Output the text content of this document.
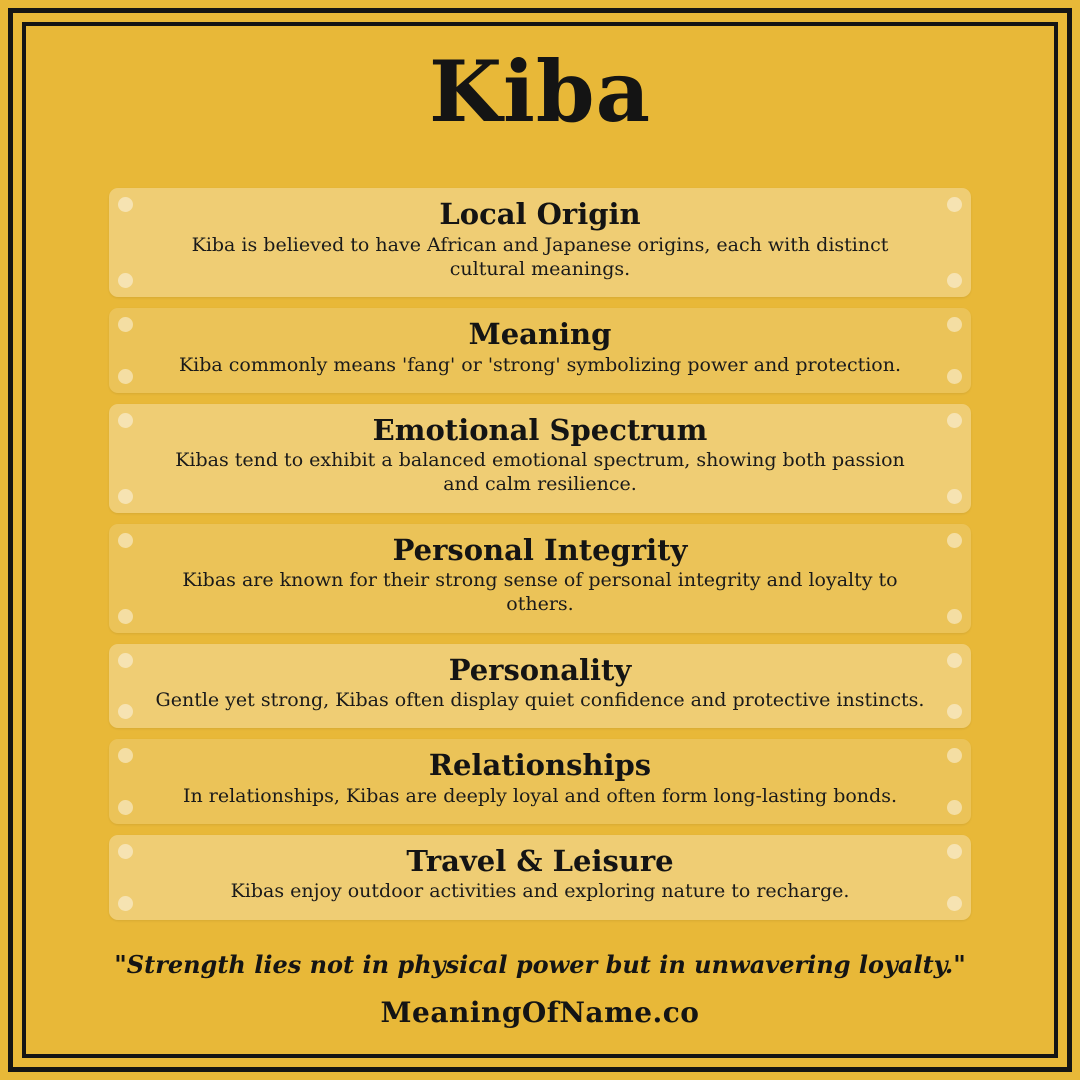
Kiba
Local Origin
Kiba is believed to have African and Japanese origins, each with distinct cultural meanings.
Meaning
Kiba commonly means 'fang' or 'strong' symbolizing power and protection.
Emotional Spectrum
Kibas tend to exhibit a balanced emotional spectrum, showing both passion and calm resilience.
Personal Integrity
Kibas are known for their strong sense of personal integrity and loyalty to others.
Personality
Gentle yet strong, Kibas often display quiet confidence and protective instincts.
Relationships
In relationships, Kibas are deeply loyal and often form long-lasting bonds.
Travel & Leisure
Kibas enjoy outdoor activities and exploring nature to recharge.
"Strength lies not in physical power but in unwavering loyalty."
MeaningOfName.co
